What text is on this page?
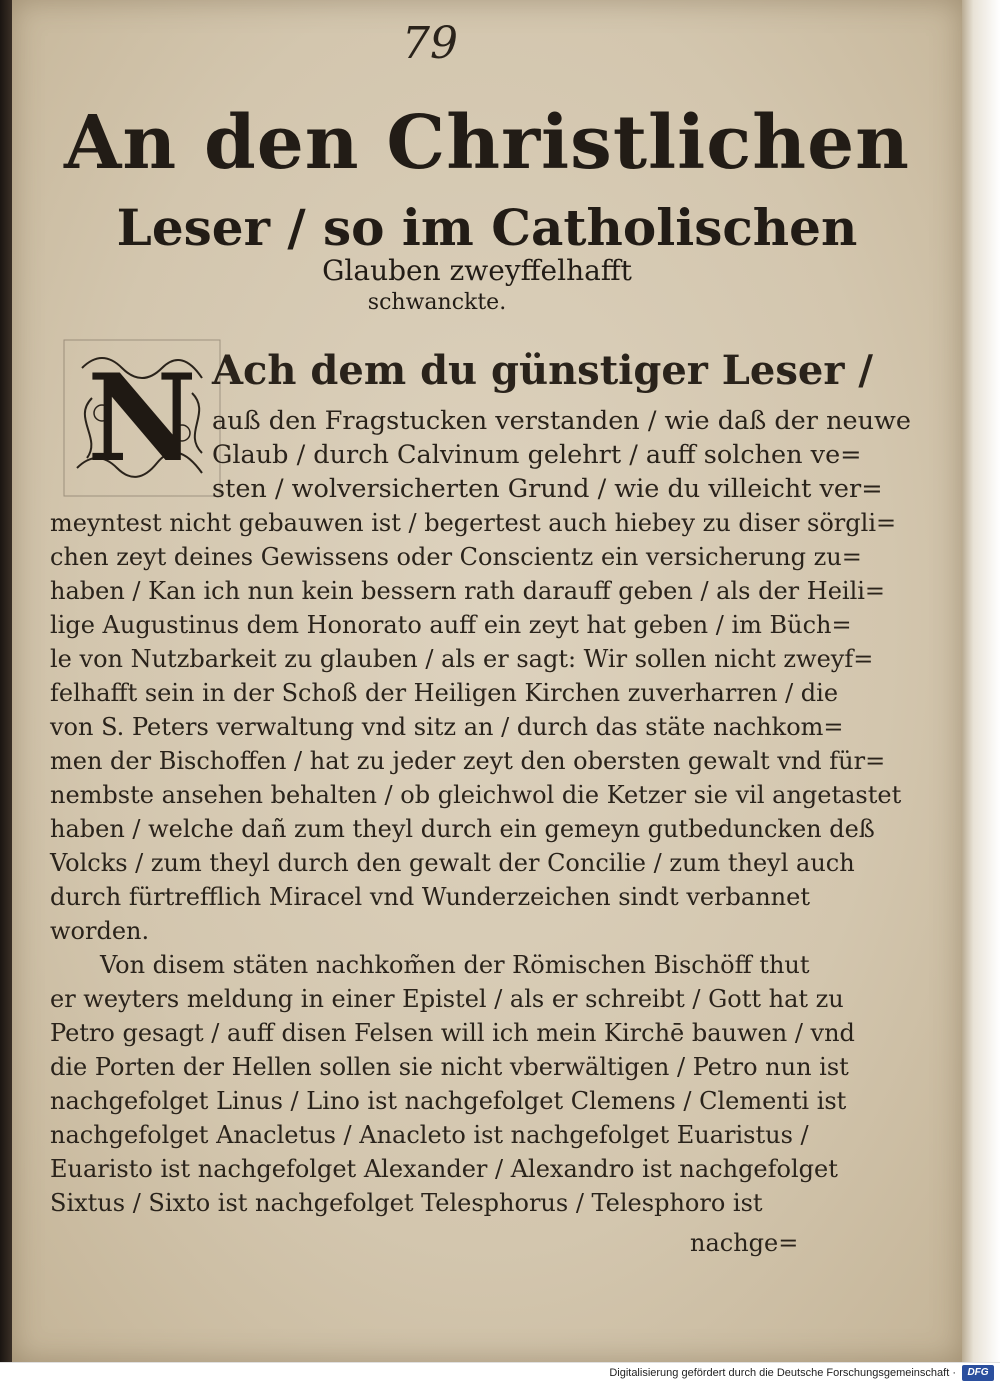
79
An den Christlichen
Leser / so im Catholischen
Glauben zweyffelhafft
schwanckte.
N Ach dem du günstiger Leser /
auß den Fragstucken verstanden / wie daß der neuwe
Glaub / durch Calvinum gelehrt / auff solchen ve=
sten / wolversicherten Grund / wie du villeicht ver=
meyntest nicht gebauwen ist / begertest auch hiebey zu diser sörgli=
chen zeyt deines Gewissens oder Conscientz ein versicherung zu=
haben / Kan ich nun kein bessern rath darauff geben / als der Heili=
lige Augustinus dem Honorato auff ein zeyt hat geben / im Büch=
le von Nutzbarkeit zu glauben / als er sagt: Wir sollen nicht zweyf=
felhafft sein in der Schoß der Heiligen Kirchen zuverharren / die
von S. Peters verwaltung vnd sitz an / durch das stäte nachkom=
men der Bischoffen / hat zu jeder zeyt den obersten gewalt vnd für=
nembste ansehen behalten / ob gleichwol die Ketzer sie vil angetastet
haben / welche dañ zum theyl durch ein gemeyn gutbeduncken deß
Volcks / zum theyl durch den gewalt der Concilie / zum theyl auch
durch fürtrefflich Miracel vnd Wunderzeichen sindt verbannet
worden.
Von disem stäten nachkom̃en der Römischen Bischöff thut
er weyters meldung in einer Epistel / als er schreibt / Gott hat zu
Petro gesagt / auff disen Felsen will ich mein Kirchē bauwen / vnd
die Porten der Hellen sollen sie nicht vberwältigen / Petro nun ist
nachgefolget Linus / Lino ist nachgefolget Clemens / Clementi ist
nachgefolget Anacletus / Anacleto ist nachgefolget Euaristus /
Euaristo ist nachgefolget Alexander / Alexandro ist nachgefolget
Sixtus / Sixto ist nachgefolget Telesphorus / Telesphoro ist
nachge=
Digitalisierung gefördert durch die Deutsche Forschungsgemeinschaft ·	DFG
